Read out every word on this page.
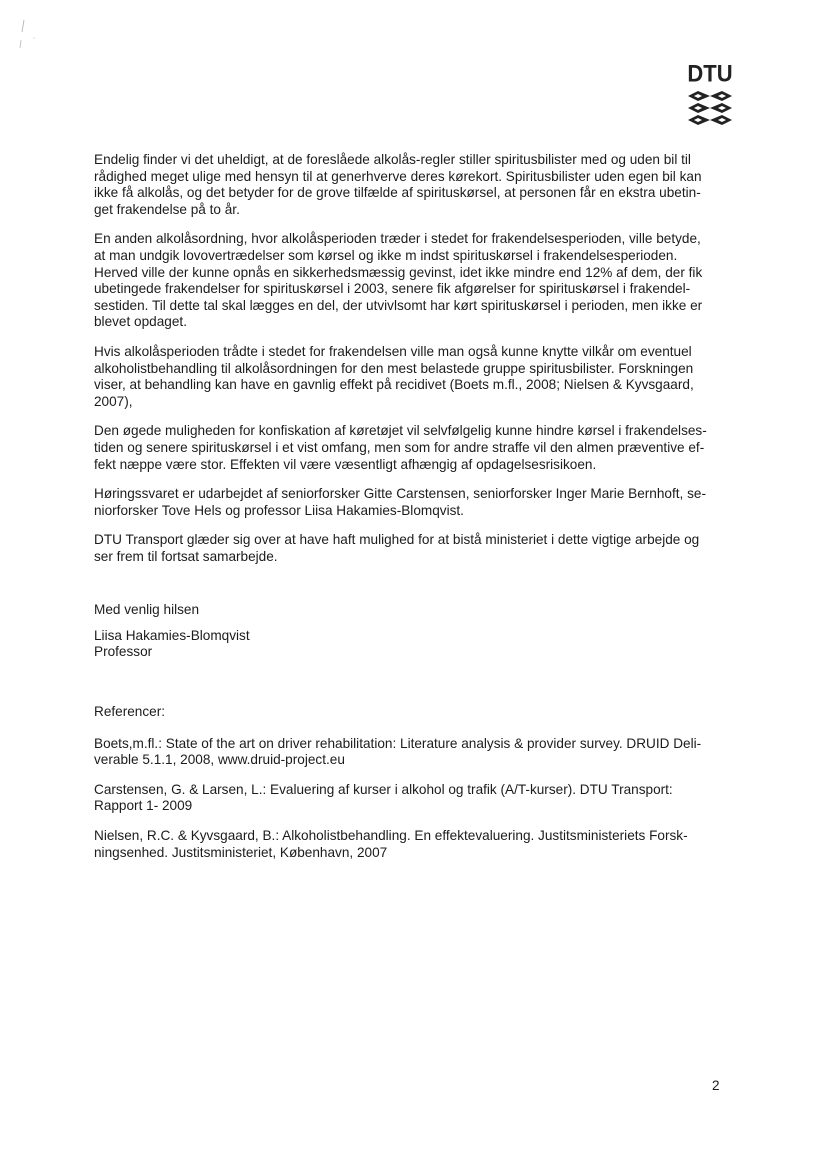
DTU

Endelig finder vi det uheldigt, at de foreslåede alkolås-regler stiller spiritusbilister med og uden bil til
rådighed meget ulige med hensyn til at generhverve deres kørekort. Spiritusbilister uden egen bil kan
ikke få alkolås, og det betyder for de grove tilfælde af spirituskørsel, at personen får en ekstra ubetin-
get frakendelse på to år.

En anden alkolåsordning, hvor alkolåsperioden træder i stedet for frakendelsesperioden, ville betyde,
at man undgik lovovertrædelser som kørsel og ikke m indst spirituskørsel i frakendelsesperioden.
Herved ville der kunne opnås en sikkerhedsmæssig gevinst, idet ikke mindre end 12% af dem, der fik
ubetingede frakendelser for spirituskørsel i 2003, senere fik afgørelser for spirituskørsel i frakendel-
sestiden. Til dette tal skal lægges en del, der utvivlsomt har kørt spirituskørsel i perioden, men ikke er
blevet opdaget.

Hvis alkolåsperioden trådte i stedet for frakendelsen ville man også kunne knytte vilkår om eventuel
alkoholistbehandling til alkolåsordningen for den mest belastede gruppe spiritusbilister. Forskningen
viser, at behandling kan have en gavnlig effekt på recidivet (Boets m.fl., 2008; Nielsen & Kyvsgaard,
2007),

Den øgede muligheden for konfiskation af køretøjet vil selvfølgelig kunne hindre kørsel i frakendelses-
tiden og senere spirituskørsel i et vist omfang, men som for andre straffe vil den almen præventive ef-
fekt næppe være stor. Effekten vil være væsentligt afhængig af opdagelsesrisikoen.

Høringssvaret er udarbejdet af seniorforsker Gitte Carstensen, seniorforsker Inger Marie Bernhoft, se-
niorforsker Tove Hels og professor Liisa Hakamies-Blomqvist.

DTU Transport glæder sig over at have haft mulighed for at bistå ministeriet i dette vigtige arbejde og
ser frem til fortsat samarbejde.

Med venlig hilsen

Liisa Hakamies-Blomqvist

Professor

Referencer:

Boets,m.fl.: State of the art on driver rehabilitation: Literature analysis & provider survey. DRUID Deli-
verable 5.1.1, 2008, www.druid-project.eu

Carstensen, G. & Larsen, L.: Evaluering af kurser i alkohol og trafik (A/T-kurser). DTU Transport:
Rapport 1- 2009

Nielsen, R.C. & Kyvsgaard, B.: Alkoholistbehandling. En effektevaluering. Justitsministeriets Forsk-
ningsenhed. Justitsministeriet, København, 2007

2
